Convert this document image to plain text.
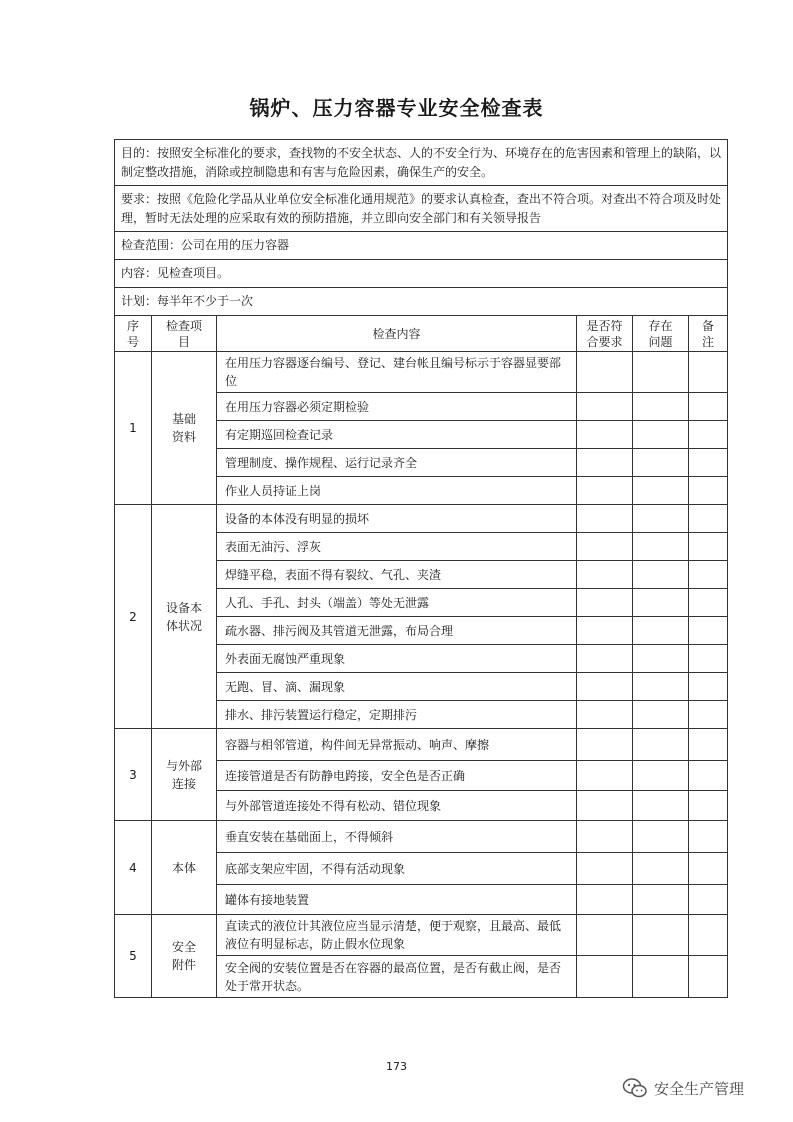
锅炉、压力容器专业安全检查表
目的：按照安全标准化的要求，查找物的不安全状态、人的不安全行为、环境存在的危害因素和管理上的缺陷，以制定整改措施，消除或控制隐患和有害与危险因素，确保生产的安全。					
要求：按照《危险化学品从业单位安全标准化通用规范》的要求认真检查，查出不符合项。对查出不符合项及时处理，暂时无法处理的应采取有效的预防措施，并立即向安全部门和有关领导报告					
检查范围：公司在用的压力容器					
内容：见检查项目。					
计划：每半年不少于一次					

序号	检查项目	检查内容	是否符合要求	存在问题	备注

1	基础资料	在用压力容器逐台编号、登记、建台帐且编号标示于容器显要部位			
		在用压力容器必须定期检验			
		有定期巡回检查记录			
		管理制度、操作规程、运行记录齐全			
		作业人员持证上岗			
2	设备本体状况	设备的本体没有明显的损坏			
		表面无油污、浮灰			
		焊缝平稳，表面不得有裂纹、气孔、夹渣			
		人孔、手孔、封头（端盖）等处无泄露			
		疏水器、排污阀及其管道无泄露，布局合理			
		外表面无腐蚀严重现象			
		无跑、冒、滴、漏现象			
		排水、排污装置运行稳定，定期排污			
3	与外部连接	容器与相邻管道，构件间无异常振动、响声、摩擦			
		连接管道是否有防静电跨接，安全色是否正确			
		与外部管道连接处不得有松动、错位现象			
4	本体	垂直安装在基础面上，不得倾斜			
		底部支架应牢固，不得有活动现象			
		罐体有接地装置			
5	安全附件	直读式的液位计其液位应当显示清楚，便于观察，且最高、最低液位有明显标志，防止假水位现象			
		安全阀的安装位置是否在容器的最高位置，是否有截止阀，是否处于常开状态。			
173
安全生产管理
